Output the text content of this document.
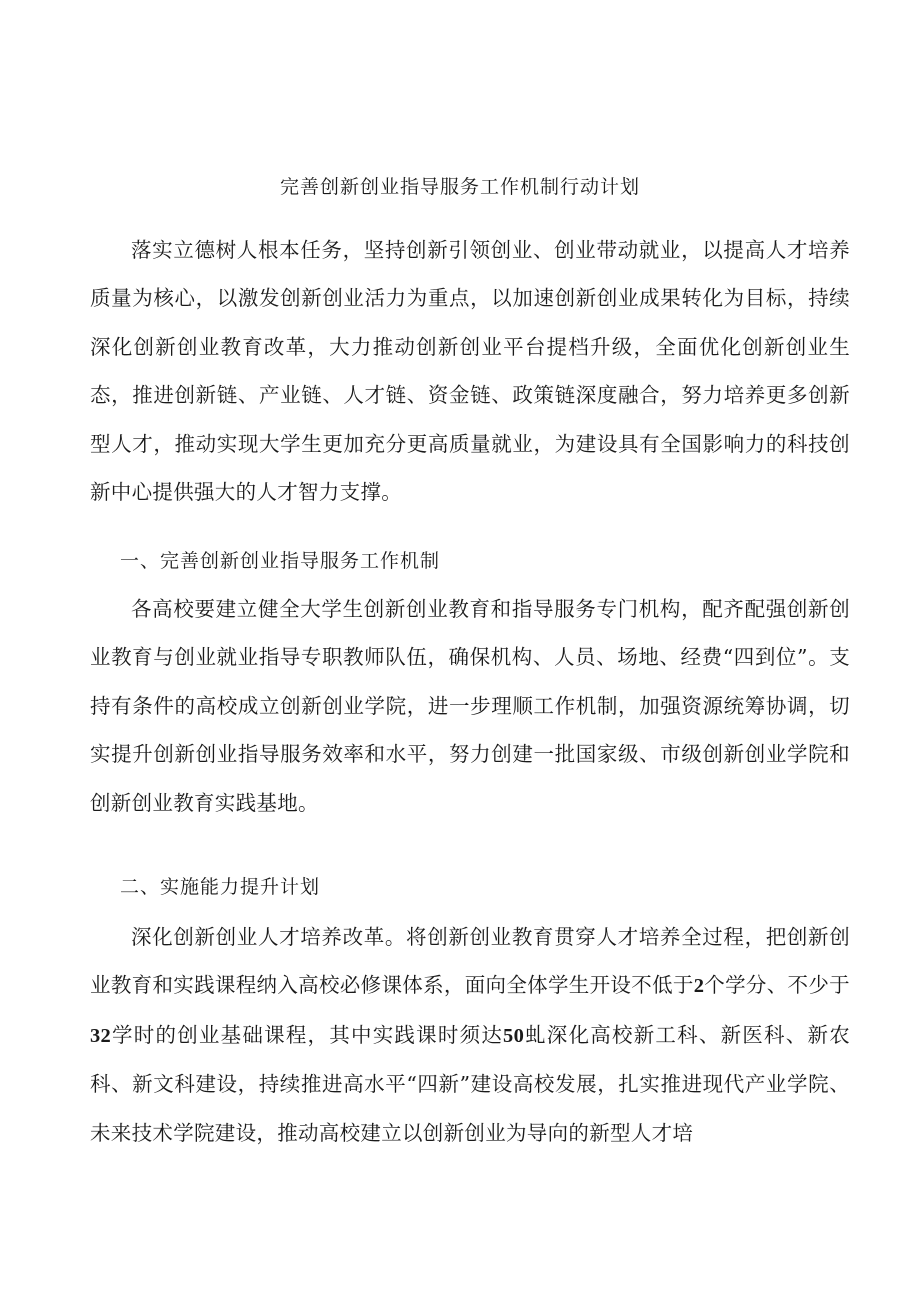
完善创新创业指导服务工作机制行动计划
落实立德树人根本任务，坚持创新引领创业、创业带动就业，以提高人才培养质量为核心，以激发创新创业活力为重点，以加速创新创业成果转化为目标，持续深化创新创业教育改革，大力推动创新创业平台提档升级，全面优化创新创业生态，推进创新链、产业链、人才链、资金链、政策链深度融合，努力培养更多创新型人才，推动实现大学生更加充分更高质量就业，为建设具有全国影响力的科技创新中心提供强大的人才智力支撑。
一、完善创新创业指导服务工作机制
各高校要建立健全大学生创新创业教育和指导服务专门机构，配齐配强创新创业教育与创业就业指导专职教师队伍，确保机构、人员、场地、经费“四到位”。支持有条件的高校成立创新创业学院，进一步理顺工作机制，加强资源统筹协调，切实提升创新创业指导服务效率和水平，努力创建一批国家级、市级创新创业学院和创新创业教育实践基地。
二、实施能力提升计划
深化创新创业人才培养改革。将创新创业教育贯穿人才培养全过程，把创新创业教育和实践课程纳入高校必修课体系，面向全体学生开设不低于2个学分、不少于32学时的创业基础课程，其中实践课时须达50虬深化高校新工科、新医科、新农科、新文科建设，持续推进高水平“四新”建设高校发展，扎实推进现代产业学院、未来技术学院建设，推动高校建立以创新创业为导向的新型人才培
